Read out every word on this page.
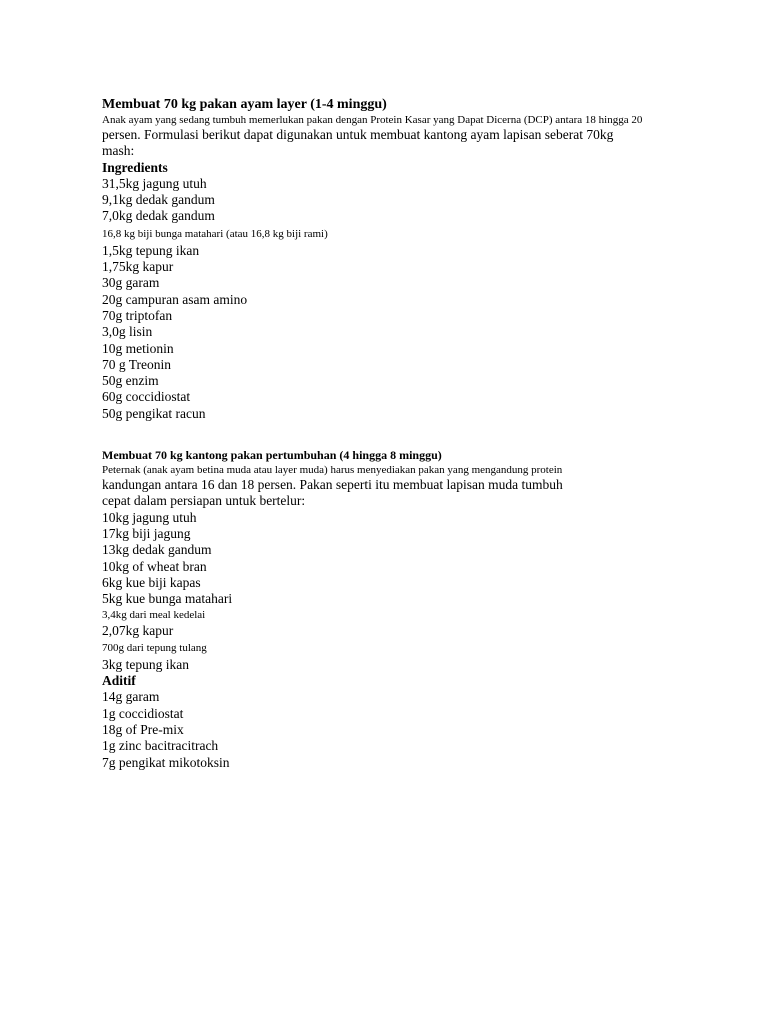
Membuat 70 kg pakan ayam layer (1-4 minggu)
Anak ayam yang sedang tumbuh memerlukan pakan dengan Protein Kasar yang Dapat Dicerna (DCP) antara 18 hingga 20
persen. Formulasi berikut dapat digunakan untuk membuat kantong ayam lapisan seberat 70kg
mash:
Ingredients
31,5kg jagung utuh
9,1kg dedak gandum
7,0kg dedak gandum
16,8 kg biji bunga matahari (atau 16,8 kg biji rami)
1,5kg tepung ikan
1,75kg kapur
30g garam
20g campuran asam amino
70g triptofan
3,0g lisin
10g metionin
70 g Treonin
50g enzim
60g coccidiostat
50g pengikat racun
Membuat 70 kg kantong pakan pertumbuhan (4 hingga 8 minggu)
Peternak (anak ayam betina muda atau layer muda) harus menyediakan pakan yang mengandung protein
kandungan antara 16 dan 18 persen. Pakan seperti itu membuat lapisan muda tumbuh
cepat dalam persiapan untuk bertelur:
10kg jagung utuh
17kg biji jagung
13kg dedak gandum
10kg of wheat bran
6kg kue biji kapas
5kg kue bunga matahari
3,4kg dari meal kedelai
2,07kg kapur
700g dari tepung tulang
3kg tepung ikan
Aditif
14g garam
1g coccidiostat
18g of Pre-mix
1g zinc bacitracitrach
7g pengikat mikotoksin
